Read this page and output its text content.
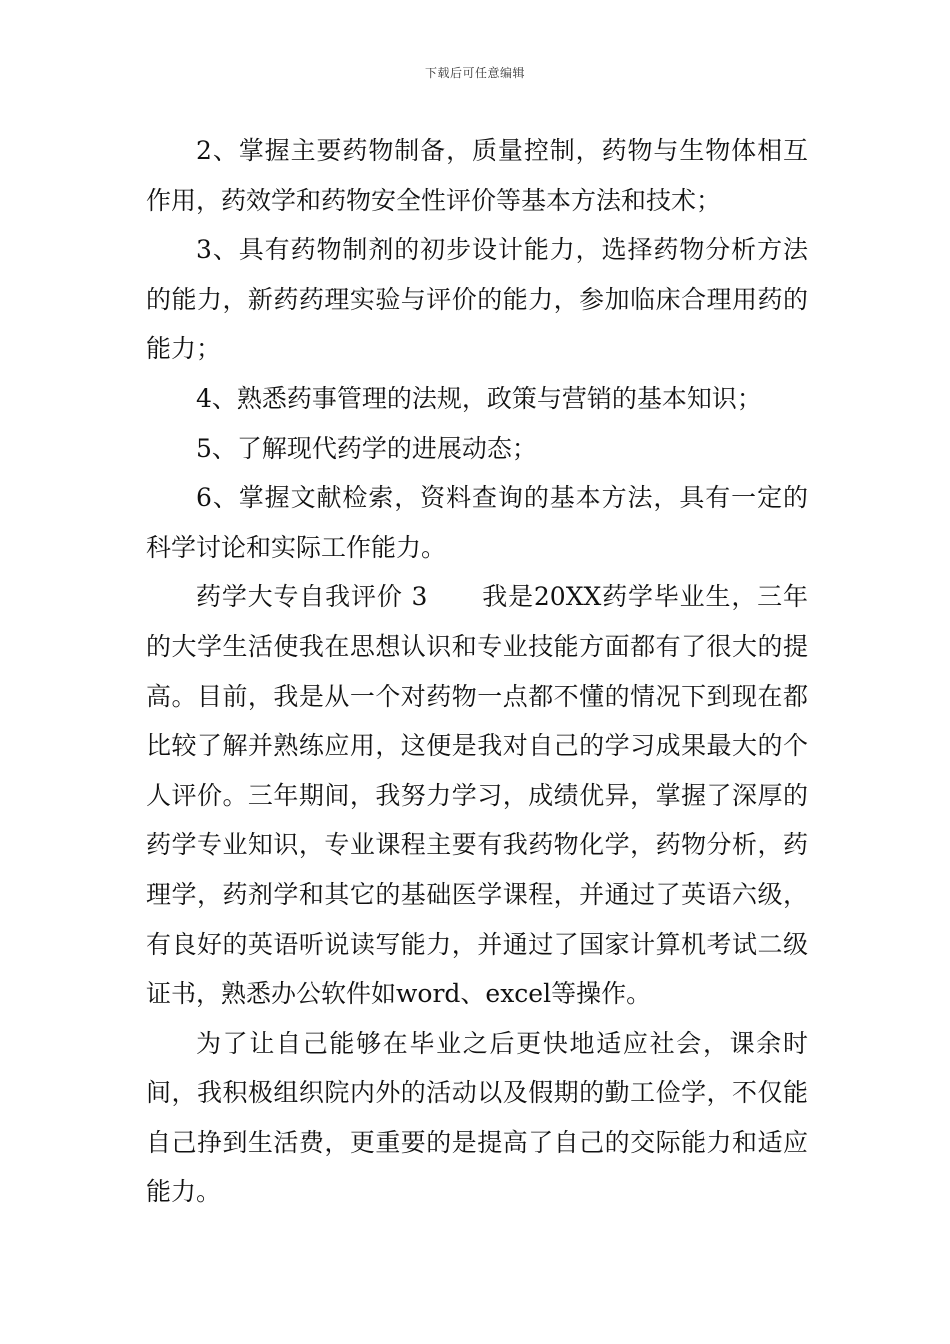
下载后可任意编辑

2、掌握主要药物制备，质量控制，药物与生物体相互作用，药效学和药物安全性评价等基本方法和技术；

3、具有药物制剂的初步设计能力，选择药物分析方法的能力，新药药理实验与评价的能力，参加临床合理用药的能力；

4、熟悉药事管理的法规，政策与营销的基本知识；

5、了解现代药学的进展动态；

6、掌握文献检索，资料查询的基本方法，具有一定的科学讨论和实际工作能力。

药学大专自我评价 3 我是20XX药学毕业生，三年的大学生活使我在思想认识和专业技能方面都有了很大的提高。目前，我是从一个对药物一点都不懂的情况下到现在都比较了解并熟练应用，这便是我对自己的学习成果最大的个人评价。三年期间，我努力学习，成绩优异，掌握了深厚的药学专业知识，专业课程主要有我药物化学，药物分析，药理学，药剂学和其它的基础医学课程，并通过了英语六级，有良好的英语听说读写能力，并通过了国家计算机考试二级证书，熟悉办公软件如word、excel等操作。

为了让自己能够在毕业之后更快地适应社会，课余时间，我积极组织院内外的活动以及假期的勤工俭学，不仅能自己挣到生活费，更重要的是提高了自己的交际能力和适应能力。
